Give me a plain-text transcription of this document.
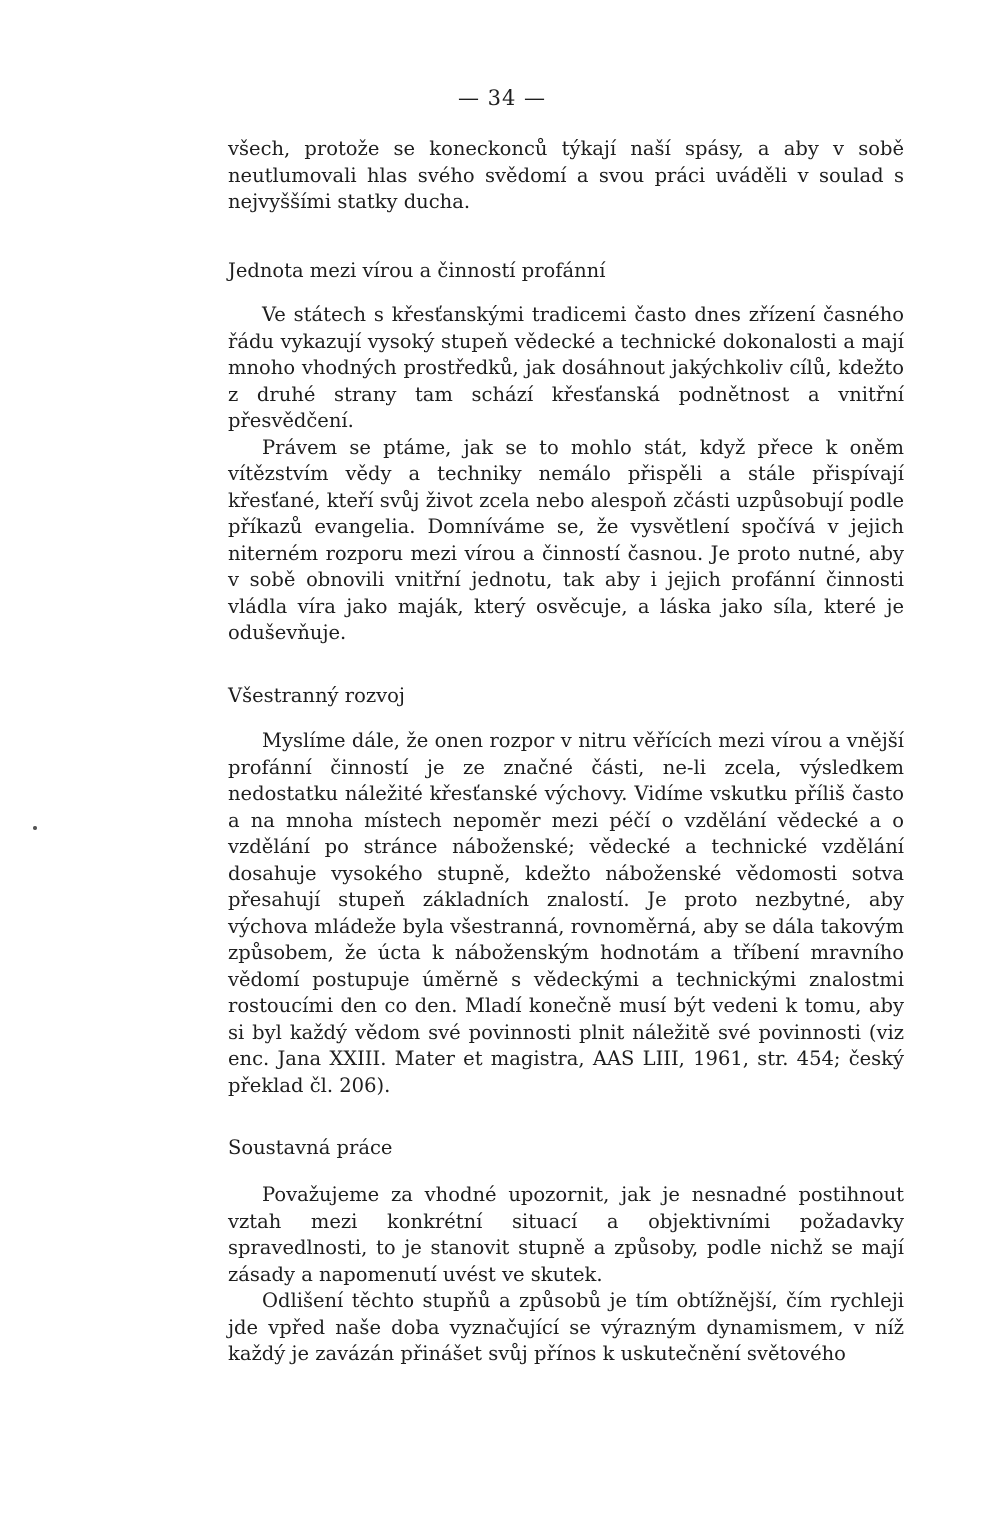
— 34 —

všech, protože se koneckonců týkají naší spásy, a aby v sobě neutlumovali hlas svého svědomí a svou práci uváděli v soulad s nejvyššími statky ducha.

Jednota mezi vírou a činností profánní

Ve státech s křesťanskými tradicemi často dnes zřízení časného řádu vykazují vysoký stupeň vědecké a technické dokonalosti a mají mnoho vhodných prostředků, jak dosáhnout jakýchkoliv cílů, kdežto z druhé strany tam schází křesťanská podnětnost a vnitřní přesvědčení.

Právem se ptáme, jak se to mohlo stát, když přece k oněm vítězstvím vědy a techniky nemálo přispěli a stále přispívají křesťané, kteří svůj život zcela nebo alespoň zčásti uzpůsobují podle příkazů evangelia. Domníváme se, že vysvětlení spočívá v jejich niterném rozporu mezi vírou a činností časnou. Je proto nutné, aby v sobě obnovili vnitřní jednotu, tak aby i jejich profánní činnosti vládla víra jako maják, který osvěcuje, a láska jako síla, které je oduševňuje.

Všestranný rozvoj

Myslíme dále, že onen rozpor v nitru věřících mezi vírou a vnější profánní činností je ze značné části, ne-li zcela, výsledkem nedostatku náležité křesťanské výchovy. Vidíme vskutku příliš často a na mnoha místech nepoměr mezi péčí o vzdělání vědecké a o vzdělání po stránce náboženské; vědecké a technické vzdělání dosahuje vysokého stupně, kdežto náboženské vědomosti sotva přesahují stupeň základních znalostí. Je proto nezbytné, aby výchova mládeže byla všestranná, rovnoměrná, aby se dála takovým způsobem, že úcta k náboženským hodnotám a tříbení mravního vědomí postupuje úměrně s vědeckými a technickými znalostmi rostoucími den co den. Mladí konečně musí být vedeni k tomu, aby si byl každý vědom své povinnosti plnit náležitě své povinnosti (viz enc. Jana XXIII. Mater et magistra, AAS LIII, 1961, str. 454; český překlad čl. 206).

Soustavná práce

Považujeme za vhodné upozornit, jak je nesnadné postihnout vztah mezi konkrétní situací a objektivními požadavky spravedlnosti, to je stanovit stupně a způsoby, podle nichž se mají zásady a napomenutí uvést ve skutek.

Odlišení těchto stupňů a způsobů je tím obtížnější, čím rychleji jde vpřed naše doba vyznačující se výrazným dynamismem, v níž každý je zavázán přinášet svůj přínos k uskutečnění světového
